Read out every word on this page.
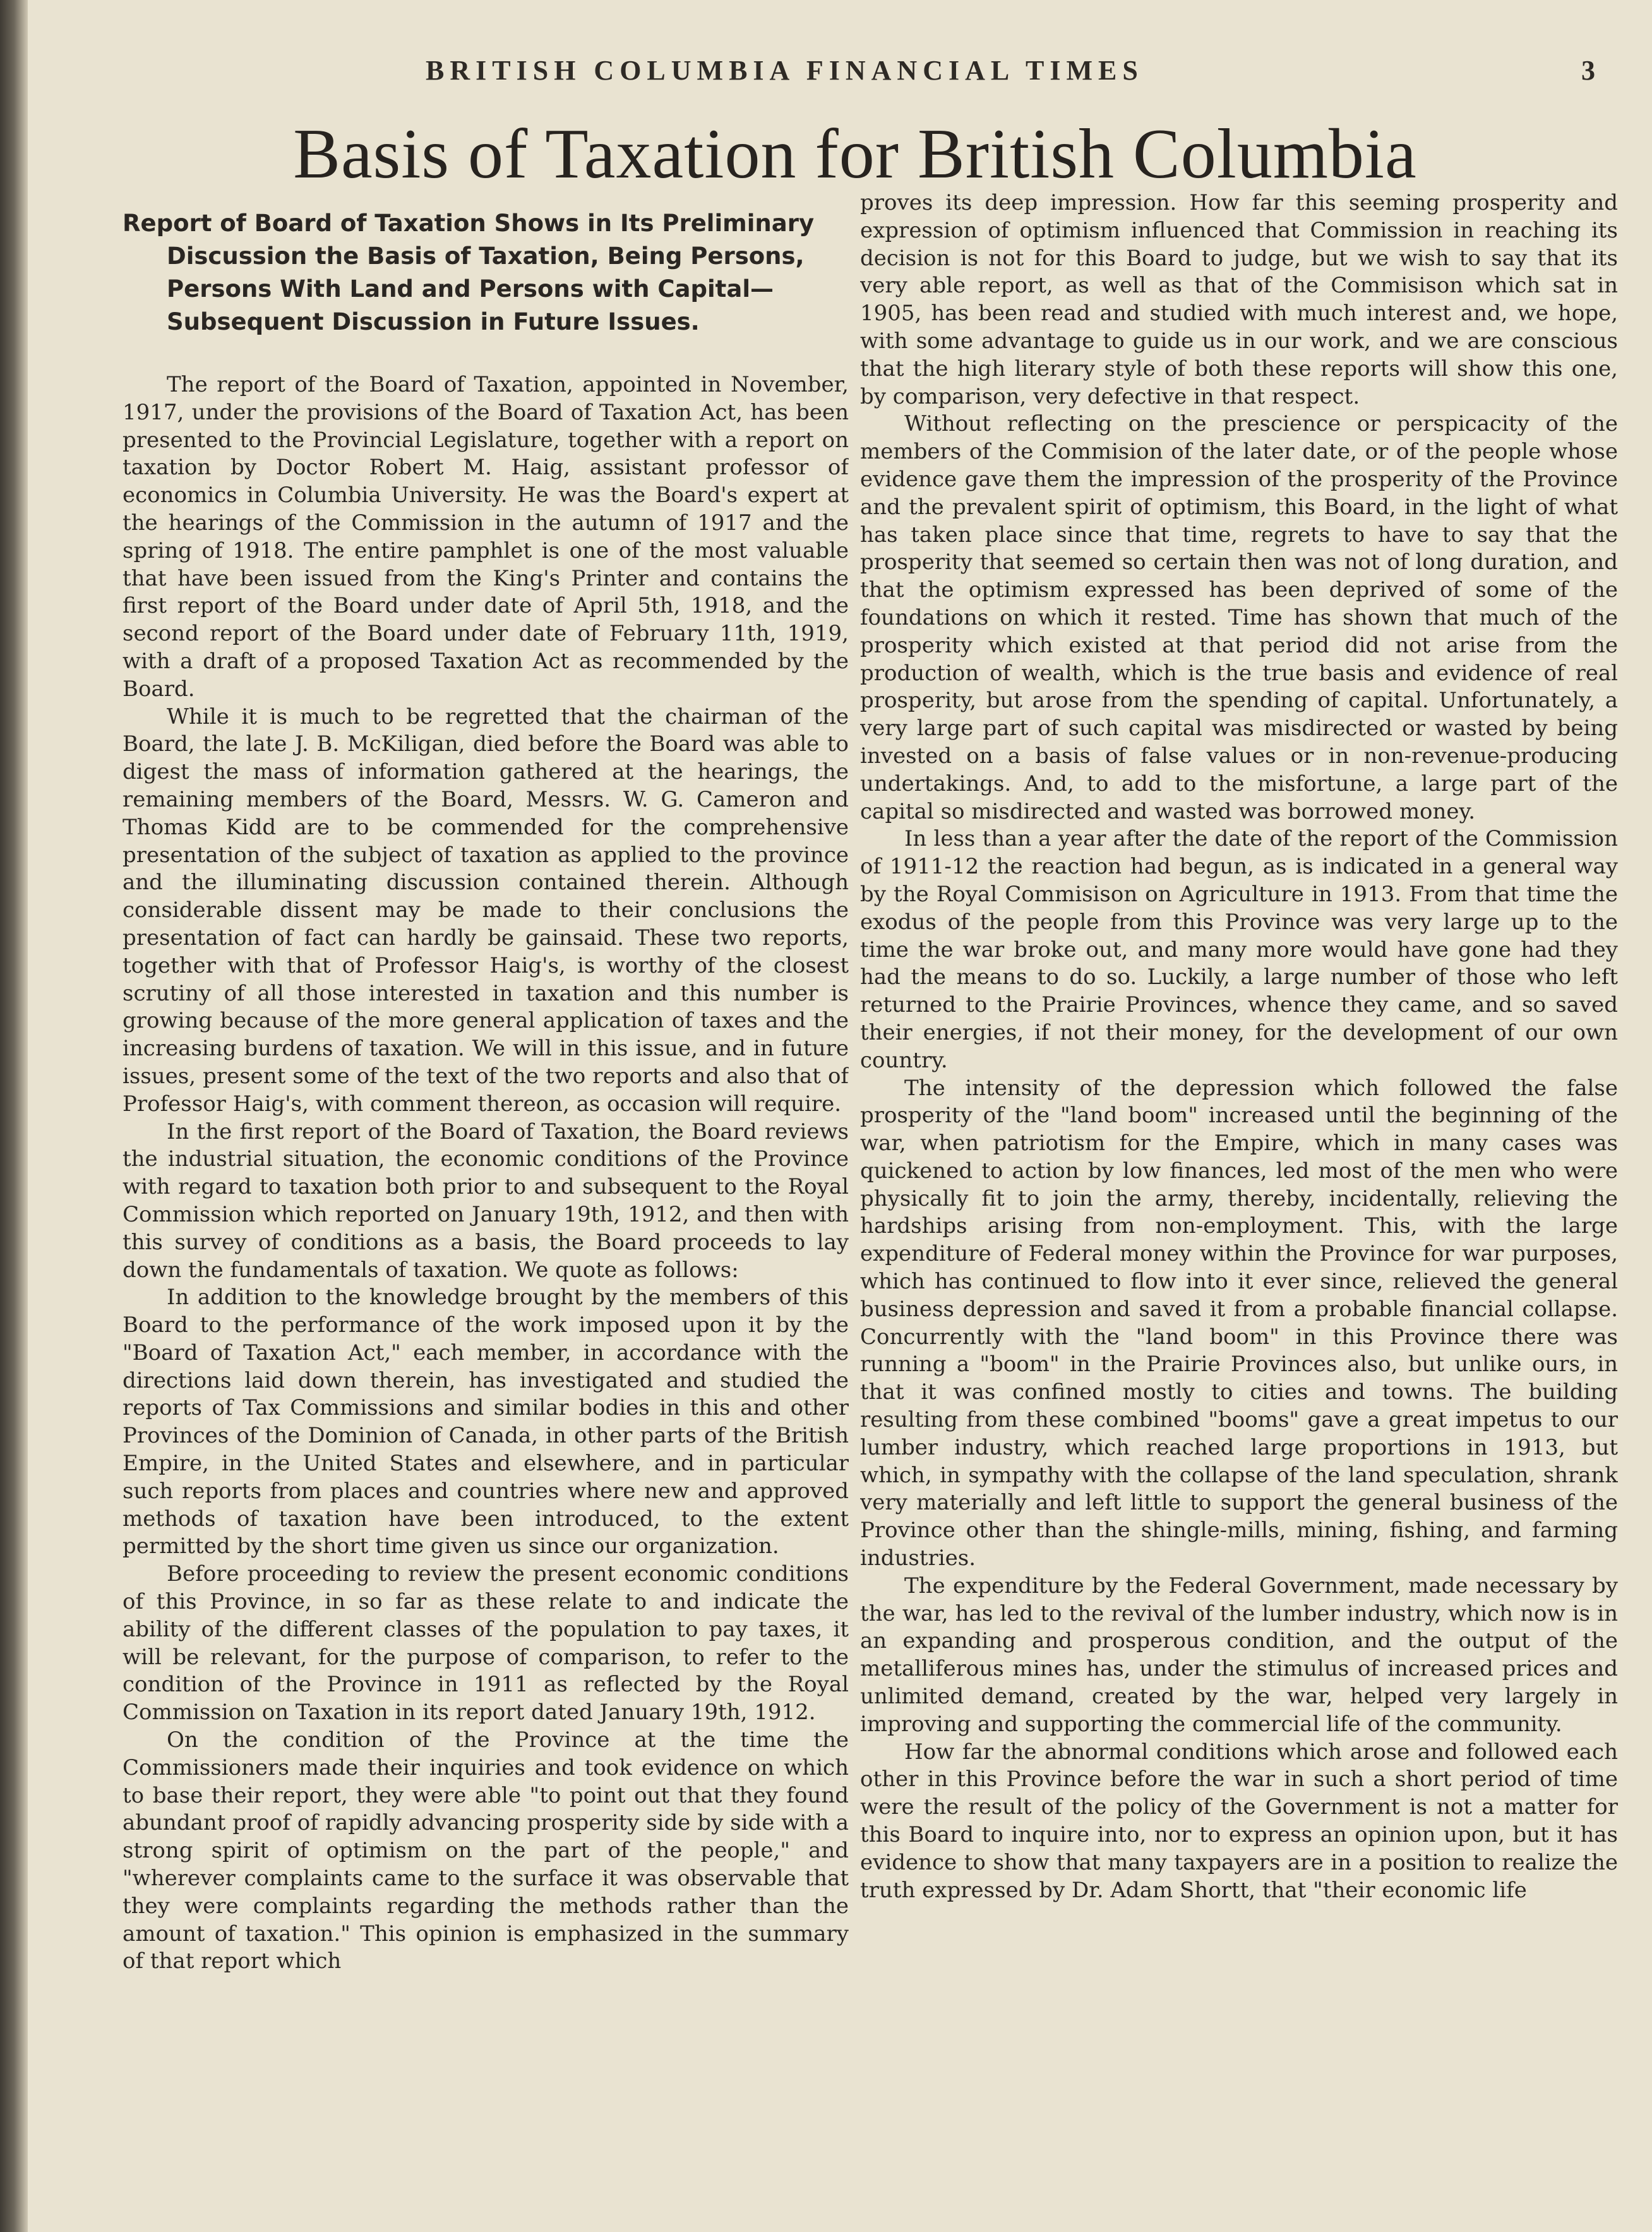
BRITISH COLUMBIA FINANCIAL TIMES	3
Basis of Taxation for British Columbia
Report of Board of Taxation Shows in Its Preliminary Discussion the Basis of Taxation, Being Persons, Persons With Land and Persons with Capital—Subsequent Discussion in Future Issues.

The report of the Board of Taxation, appointed in November, 1917, under the provisions of the Board of Taxation Act, has been presented to the Provincial Legislature, together with a report on taxation by Doctor Robert M. Haig, assistant professor of economics in Columbia University. He was the Board's expert at the hearings of the Commission in the autumn of 1917 and the spring of 1918. The entire pamphlet is one of the most valuable that have been issued from the King's Printer and contains the first report of the Board under date of April 5th, 1918, and the second report of the Board under date of February 11th, 1919, with a draft of a proposed Taxation Act as recommended by the Board.

While it is much to be regretted that the chairman of the Board, the late J. B. McKiligan, died before the Board was able to digest the mass of information gathered at the hearings, the remaining members of the Board, Messrs. W. G. Cameron and Thomas Kidd are to be commended for the comprehensive presentation of the subject of taxation as applied to the province and the illuminating discussion contained therein. Although considerable dissent may be made to their conclusions the presentation of fact can hardly be gainsaid. These two reports, together with that of Professor Haig's, is worthy of the closest scrutiny of all those interested in taxation and this number is growing because of the more general application of taxes and the increasing burdens of taxation. We will in this issue, and in future issues, present some of the text of the two reports and also that of Professor Haig's, with comment thereon, as occasion will require.

In the first report of the Board of Taxation, the Board reviews the industrial situation, the economic conditions of the Province with regard to taxation both prior to and subsequent to the Royal Commission which reported on January 19th, 1912, and then with this survey of conditions as a basis, the Board proceeds to lay down the fundamentals of taxation. We quote as follows:

In addition to the knowledge brought by the members of this Board to the performance of the work imposed upon it by the "Board of Taxation Act," each member, in accordance with the directions laid down therein, has investigated and studied the reports of Tax Commissions and similar bodies in this and other Provinces of the Dominion of Canada, in other parts of the British Empire, in the United States and elsewhere, and in particular such reports from places and countries where new and approved methods of taxation have been introduced, to the extent permitted by the short time given us since our organization.

Before proceeding to review the present economic conditions of this Province, in so far as these relate to and indicate the ability of the different classes of the population to pay taxes, it will be relevant, for the purpose of comparison, to refer to the condition of the Province in 1911 as reflected by the Royal Commission on Taxation in its report dated January 19th, 1912.

On the condition of the Province at the time the Commissioners made their inquiries and took evidence on which to base their report, they were able "to point out that they found abundant proof of rapidly advancing prosperity side by side with a strong spirit of optimism on the part of the people," and "wherever complaints came to the surface it was observable that they were complaints regarding the methods rather than the amount of taxation." This opinion is emphasized in the summary of that report which

proves its deep impression. How far this seeming prosperity and expression of optimism influenced that Commission in reaching its decision is not for this Board to judge, but we wish to say that its very able report, as well as that of the Commisison which sat in 1905, has been read and studied with much interest and, we hope, with some advantage to guide us in our work, and we are conscious that the high literary style of both these reports will show this one, by comparison, very defective in that respect.

Without reflecting on the prescience or perspicacity of the members of the Commision of the later date, or of the people whose evidence gave them the impression of the prosperity of the Province and the prevalent spirit of optimism, this Board, in the light of what has taken place since that time, regrets to have to say that the prosperity that seemed so certain then was not of long duration, and that the optimism expressed has been deprived of some of the foundations on which it rested. Time has shown that much of the prosperity which existed at that period did not arise from the production of wealth, which is the true basis and evidence of real prosperity, but arose from the spending of capital. Unfortunately, a very large part of such capital was misdirected or wasted by being invested on a basis of false values or in non-revenue-producing undertakings. And, to add to the misfortune, a large part of the capital so misdirected and wasted was borrowed money.

In less than a year after the date of the report of the Commission of 1911-12 the reaction had begun, as is indicated in a general way by the Royal Commisison on Agriculture in 1913. From that time the exodus of the people from this Province was very large up to the time the war broke out, and many more would have gone had they had the means to do so. Luckily, a large number of those who left returned to the Prairie Provinces, whence they came, and so saved their energies, if not their money, for the development of our own country.

The intensity of the depression which followed the false prosperity of the "land boom" increased until the beginning of the war, when patriotism for the Empire, which in many cases was quickened to action by low finances, led most of the men who were physically fit to join the army, thereby, incidentally, relieving the hardships arising from non-employment. This, with the large expenditure of Federal money within the Province for war purposes, which has continued to flow into it ever since, relieved the general business depression and saved it from a probable financial collapse. Concurrently with the "land boom" in this Province there was running a "boom" in the Prairie Provinces also, but unlike ours, in that it was confined mostly to cities and towns. The building resulting from these combined "booms" gave a great impetus to our lumber industry, which reached large proportions in 1913, but which, in sympathy with the collapse of the land speculation, shrank very materially and left little to support the general business of the Province other than the shingle-mills, mining, fishing, and farming industries.

The expenditure by the Federal Government, made necessary by the war, has led to the revival of the lumber industry, which now is in an expanding and prosperous condition, and the output of the metalliferous mines has, under the stimulus of increased prices and unlimited demand, created by the war, helped very largely in improving and supporting the commercial life of the community.

How far the abnormal conditions which arose and followed each other in this Province before the war in such a short period of time were the result of the policy of the Government is not a matter for this Board to inquire into, nor to express an opinion upon, but it has evidence to show that many taxpayers are in a position to realize the truth expressed by Dr. Adam Shortt, that "their economic life
